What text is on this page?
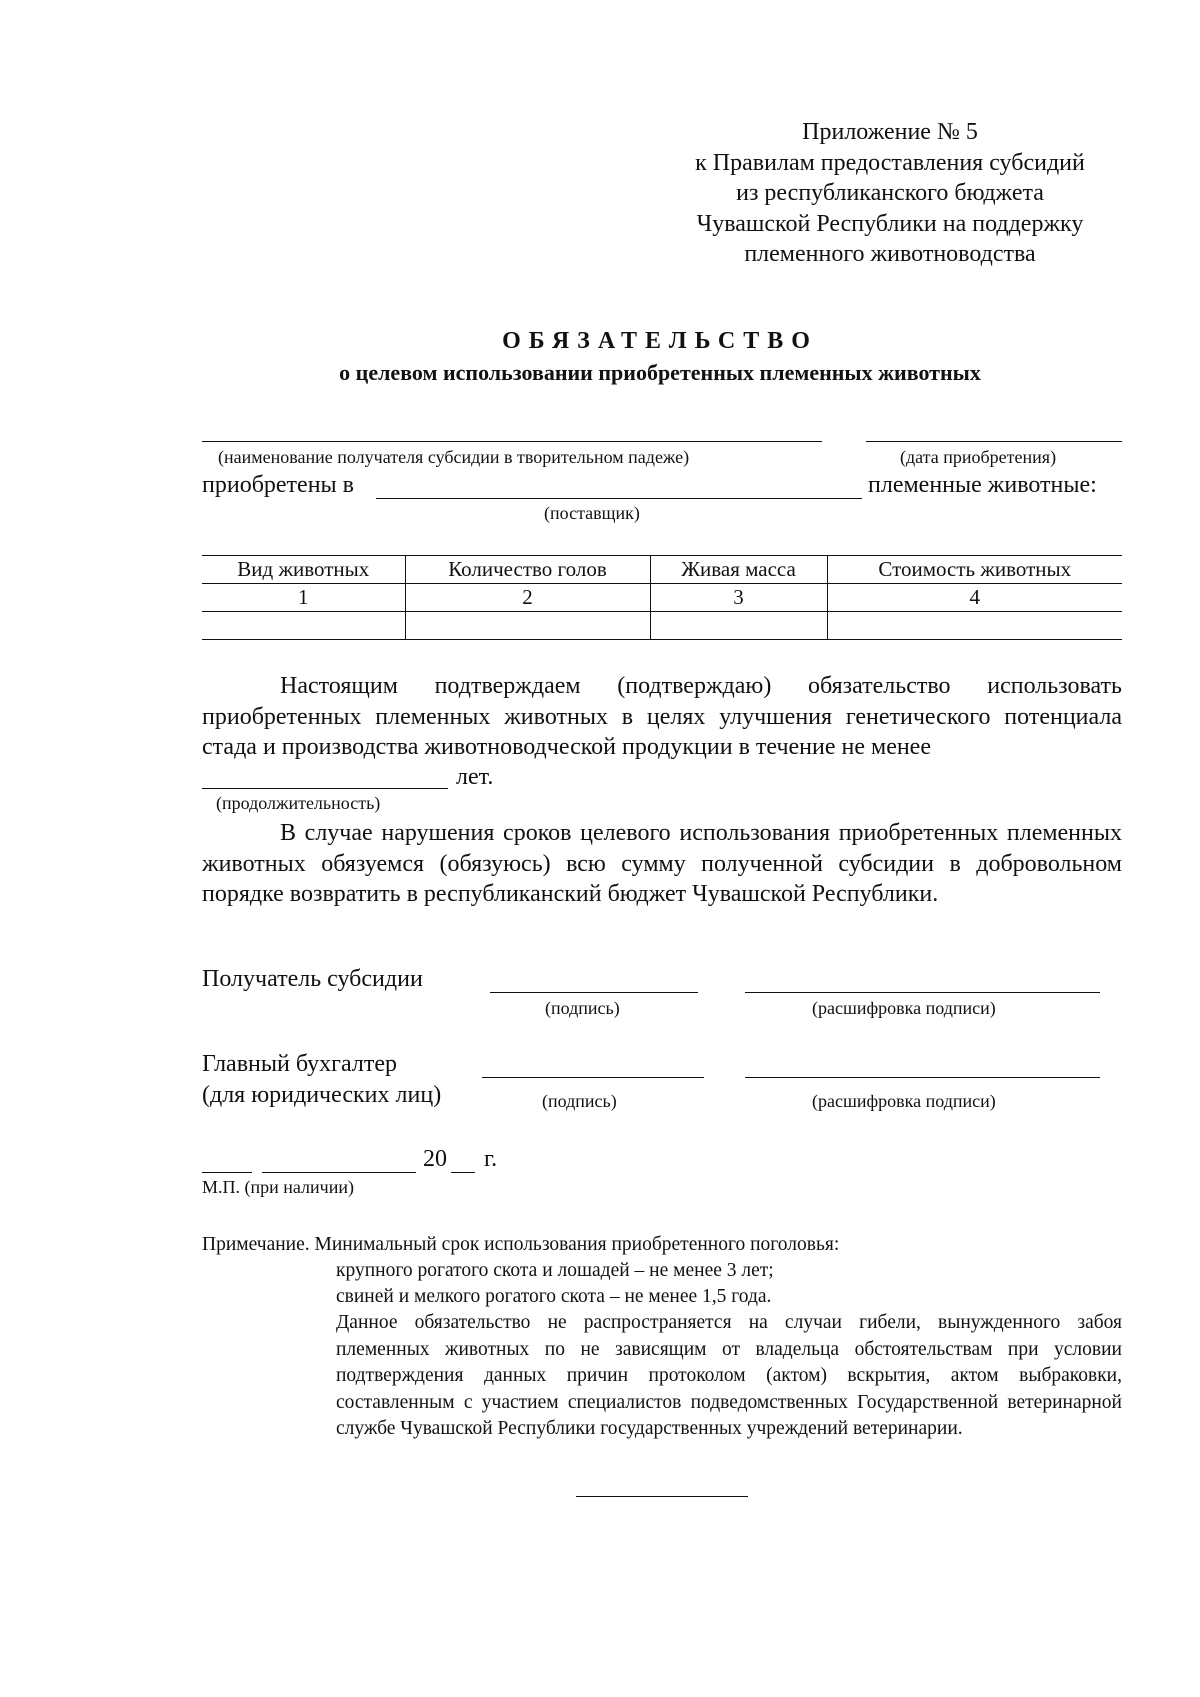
Приложение № 5
к Правилам предоставления субсидий
из республиканского бюджета
Чувашской Республики на поддержку
племенного животноводства
ОБЯЗАТЕЛЬСТВО
о целевом использовании приобретенных племенных животных
(наименование получателя субсидии в творительном падеже)	(дата приобретения)
приобретены в	племенные животные:
(поставщик)
Вид животных	Количество голов	Живая масса	Стоимость животных
1	2	3	4

Настоящим подтверждаем (подтверждаю) обязательство использовать приобретенных племенных животных в целях улучшения генетического потенциала стада и производства животноводческой продукции в течение не менее
лет.
(продолжительность)
В случае нарушения сроков целевого использования приобретенных племенных животных обязуемся (обязуюсь) всю сумму полученной субсидии в добровольном порядке возвратить в республиканский бюджет Чувашской Республики.
Получатель субсидии
(подпись)	(расшифровка подписи)
Главный бухгалтер
(для юридических лиц)	(подпись)	(расшифровка подписи)
20 г.
М.П. (при наличии)
Примечание. Минимальный срок использования приобретенного поголовья:
крупного рогатого скота и лошадей – не менее 3 лет;
свиней и мелкого рогатого скота – не менее 1,5 года.
Данное обязательство не распространяется на случаи гибели, вынужденного забоя племенных животных по не зависящим от владельца обстоятельствам при условии подтверждения данных причин протоколом (актом) вскрытия, актом выбраковки, составленным с участием специалистов подведомственных Государственной ветеринарной службе Чувашской Республики государственных учреждений ветеринарии.
